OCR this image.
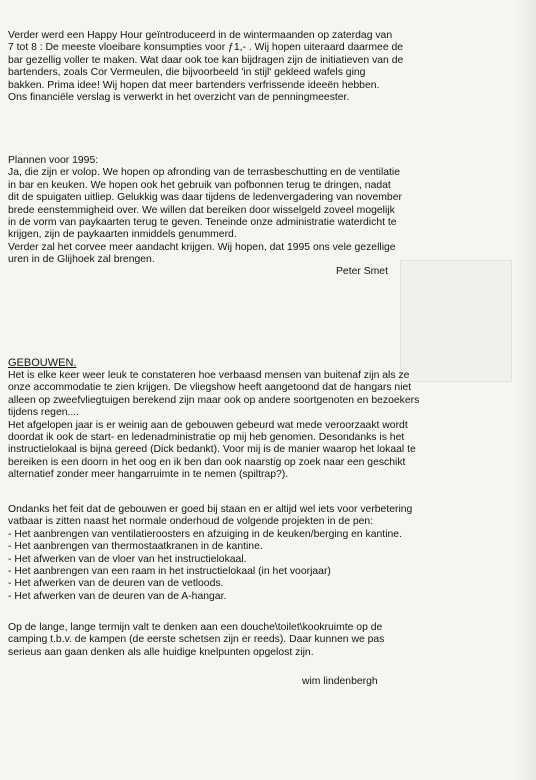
Verder werd een Happy Hour geïntroduceerd in de wintermaanden op zaterdag van

7 tot 8 : De meeste vloeibare konsumpties voor ƒ1,- . Wij hopen uiteraard daarmee de

bar gezellig voller te maken. Wat daar ook toe kan bijdragen zijn de initiatieven van de

bartenders, zoals Cor Vermeulen, die bijvoorbeeld 'in stijl' gekleed wafels ging

bakken. Prima idee! Wij hopen dat meer bartenders verfrissende ideeën hebben.

Ons financiële verslag is verwerkt in het overzicht van de penningmeester.

Plannen voor 1995:

Ja, die zijn er volop. We hopen op afronding van de terrasbeschutting en de ventilatie

in bar en keuken. We hopen ook het gebruik van pofbonnen terug te dringen, nadat

dit de spuigaten uitliep. Gelukkig was daar tijdens de ledenvergadering van november

brede eenstemmigheid over. We willen dat bereiken door wisselgeld zoveel mogelijk

in de vorm van paykaarten terug te geven. Teneinde onze administratie waterdicht te

krijgen, zijn de paykaarten inmiddels genummerd.

Verder zal het corvee meer aandacht krijgen. Wij hopen, dat 1995 ons vele gezellige

uren in de Glijhoek zal brengen.

Peter Smet
GEBOUWEN.

Het is elke keer weer leuk te constateren hoe verbaasd mensen van buitenaf zijn als ze

onze accommodatie te zien krijgen. De vliegshow heeft aangetoond dat de hangars niet

alleen op zweefvliegtuigen berekend zijn maar ook op andere soortgenoten en bezoekers

tijdens regen....

Het afgelopen jaar is er weinig aan de gebouwen gebeurd wat mede veroorzaakt wordt

doordat ik ook de start- en ledenadministratie op mij heb genomen. Desondanks is het

instructielokaal is bijna gereed (Dick bedankt). Voor mij is de manier waarop het lokaal te

bereiken is een doorn in het oog en ik ben dan ook naarstig op zoek naar een geschikt

alternatief zonder meer hangarruimte in te nemen (spiltrap?).

Ondanks het feit dat de gebouwen er goed bij staan en er altijd wel iets voor verbetering

vatbaar is zitten naast het normale onderhoud de volgende projekten in de pen:

- Het aanbrengen van ventilatieroosters en afzuiging in de keuken/berging en kantine.

- Het aanbrengen van thermostaatkranen in de kantine.

- Het afwerken van de vloer van het instructielokaal.

- Het aanbrengen van een raam in het instructielokaal (in het voorjaar)

- Het afwerken van de deuren van de vetloods.

- Het afwerken van de deuren van de A-hangar.

Op de lange, lange termijn valt te denken aan een douche\toilet\kookruimte op de

camping t.b.v. de kampen (de eerste schetsen zijn er reeds). Daar kunnen we pas

serieus aan gaan denken als alle huidige knelpunten opgelost zijn.

wim lindenbergh
